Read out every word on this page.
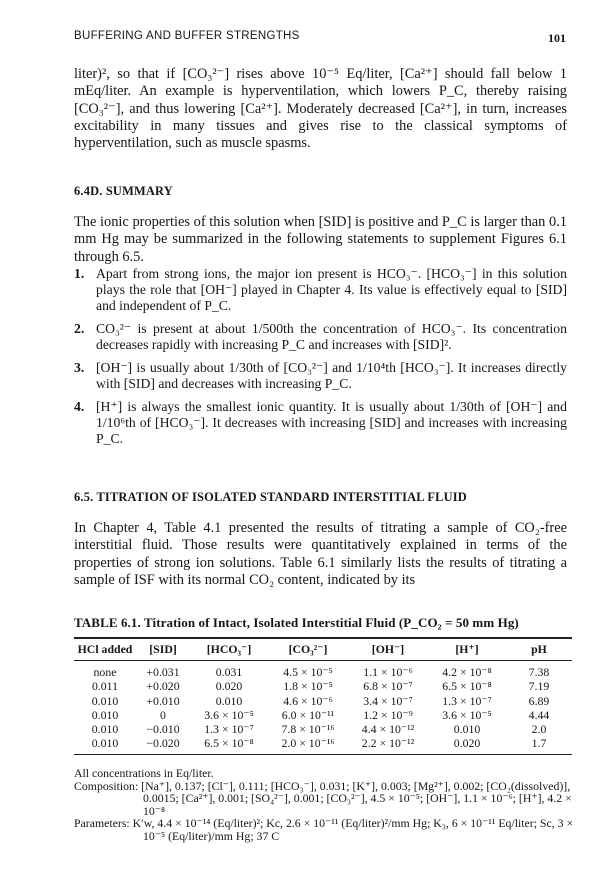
BUFFERING AND BUFFER STRENGTHS	101

liter)², so that if [CO₃²⁻] rises above 10⁻⁵ Eq/liter, [Ca²⁺] should fall below 1 mEq/liter. An example is hyperventilation, which lowers P_C, thereby raising [CO₃²⁻], and thus lowering [Ca²⁺]. Moderately decreased [Ca²⁺], in turn, increases excitability in many tissues and gives rise to the classical symptoms of hyperventilation, such as muscle spasms.

6.4D. SUMMARY

The ionic properties of this solution when [SID] is positive and P_C is larger than 0.1 mm Hg may be summarized in the following statements to supplement Figures 6.1 through 6.5.

1. Apart from strong ions, the major ion present is HCO₃⁻. [HCO₃⁻] in this solution plays the role that [OH⁻] played in Chapter 4. Its value is effectively equal to [SID] and independent of P_C.
2. CO₃²⁻ is present at about 1/500th the concentration of HCO₃⁻. Its concentration decreases rapidly with increasing P_C and increases with [SID]².
3. [OH⁻] is usually about 1/30th of [CO₃²⁻] and 1/10⁴th [HCO₃⁻]. It increases directly with [SID] and decreases with increasing P_C.
4. [H⁺] is always the smallest ionic quantity. It is usually about 1/30th of [OH⁻] and 1/10⁶th of [HCO₃⁻]. It decreases with increasing [SID] and increases with increasing P_C.
6.5. TITRATION OF ISOLATED STANDARD INTERSTITIAL FLUID

In Chapter 4, Table 4.1 presented the results of titrating a sample of CO₂-free interstitial fluid. Those results were quantitatively explained in terms of the properties of strong ion solutions. Table 6.1 similarly lists the results of titrating a sample of ISF with its normal CO₂ content, indicated by its

TABLE 6.1. Titration of Intact, Isolated Interstitial Fluid (P_CO₂ = 50 mm Hg)
HCl added	[SID]	[HCO₃⁻]	[CO₃²⁻]	[OH⁻]	[H⁺]	pH
none	+0.031	0.031	4.5 × 10⁻⁵	1.1 × 10⁻⁶	4.2 × 10⁻⁸	7.38
0.011	+0.020	0.020	1.8 × 10⁻⁵	6.8 × 10⁻⁷	6.5 × 10⁻⁸	7.19
0.010	+0.010	0.010	4.6 × 10⁻⁶	3.4 × 10⁻⁷	1.3 × 10⁻⁷	6.89
0.010	0	3.6 × 10⁻⁵	6.0 × 10⁻¹¹	1.2 × 10⁻⁹	3.6 × 10⁻⁵	4.44
0.010	−0.010	1.3 × 10⁻⁷	7.8 × 10⁻¹⁶	4.4 × 10⁻¹²	0.010	2.0
0.010	−0.020	6.5 × 10⁻⁸	2.0 × 10⁻¹⁶	2.2 × 10⁻¹²	0.020	1.7

All concentrations in Eq/liter.

Composition: [Na⁺], 0.137; [Cl⁻], 0.111; [HCO₃⁻], 0.031; [K⁺], 0.003; [Mg²⁺], 0.002; [CO₂(dissolved)], 0.0015; [Ca²⁺], 0.001; [SO₄²⁻], 0.001; [CO₃²⁻], 4.5 × 10⁻⁵; [OH⁻], 1.1 × 10⁻⁶; [H⁺], 4.2 × 10⁻⁸

Parameters: K′w, 4.4 × 10⁻¹⁴ (Eq/liter)²; Kc, 2.6 × 10⁻¹¹ (Eq/liter)²/mm Hg; K₃, 6 × 10⁻¹¹ Eq/liter; Sc, 3 × 10⁻⁵ (Eq/liter)/mm Hg; 37 C
